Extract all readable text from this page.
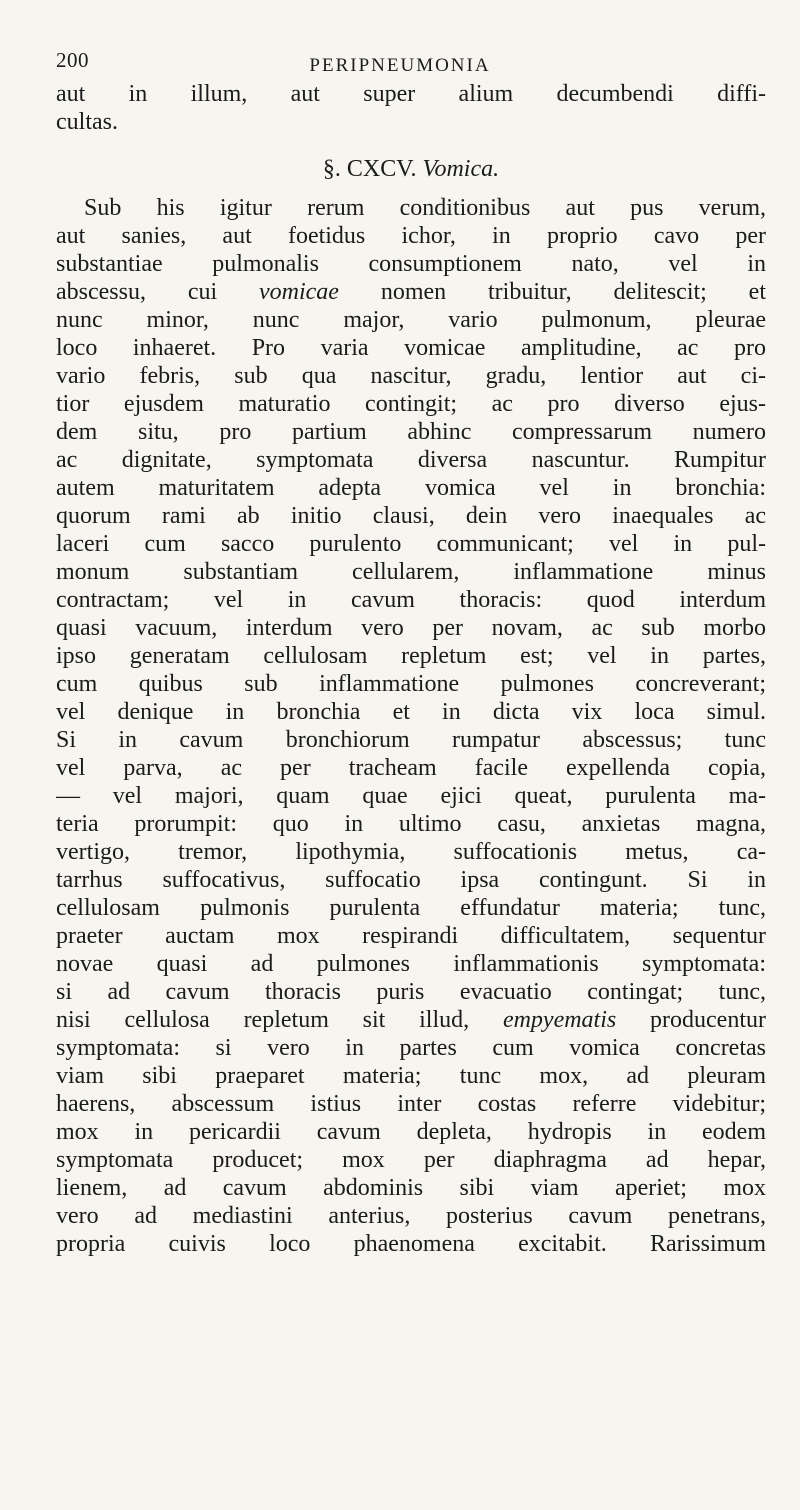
200	PERIPNEUMONIA
aut in illum, aut super alium decumbendi diffi-
cultas.
§. CXCV. Vomica.
Sub his igitur rerum conditionibus aut pus verum,
aut sanies, aut foetidus ichor, in proprio cavo per
substantiae pulmonalis consumptionem nato, vel in
abscessu, cui vomicae nomen tribuitur, delitescit; et
nunc minor, nunc major, vario pulmonum, pleurae
loco inhaeret. Pro varia vomicae amplitudine, ac pro
vario febris, sub qua nascitur, gradu, lentior aut ci-
tior ejusdem maturatio contingit; ac pro diverso ejus-
dem situ, pro partium abhinc compressarum numero
ac dignitate, symptomata diversa nascuntur. Rumpitur
autem maturitatem adepta vomica vel in bronchia:
quorum rami ab initio clausi, dein vero inaequales ac
laceri cum sacco purulento communicant; vel in pul-
monum substantiam cellularem, inflammatione minus
contractam; vel in cavum thoracis: quod interdum
quasi vacuum, interdum vero per novam, ac sub morbo
ipso generatam cellulosam repletum est; vel in partes,
cum quibus sub inflammatione pulmones concreverant;
vel denique in bronchia et in dicta vix loca simul.
Si in cavum bronchiorum rumpatur abscessus; tunc
vel parva, ac per tracheam facile expellenda copia,
— vel majori, quam quae ejici queat, purulenta ma-
teria prorumpit: quo in ultimo casu, anxietas magna,
vertigo, tremor, lipothymia, suffocationis metus, ca-
tarrhus suffocativus, suffocatio ipsa contingunt. Si in
cellulosam pulmonis purulenta effundatur materia; tunc,
praeter auctam mox respirandi difficultatem, sequentur
novae quasi ad pulmones inflammationis symptomata:
si ad cavum thoracis puris evacuatio contingat; tunc,
nisi cellulosa repletum sit illud, empyematis producentur
symptomata: si vero in partes cum vomica concretas
viam sibi praeparet materia; tunc mox, ad pleuram
haerens, abscessum istius inter costas referre videbitur;
mox in pericardii cavum depleta, hydropis in eodem
symptomata producet; mox per diaphragma ad hepar,
lienem, ad cavum abdominis sibi viam aperiet; mox
vero ad mediastini anterius, posterius cavum penetrans,
propria cuivis loco phaenomena excitabit. Rarissimum
